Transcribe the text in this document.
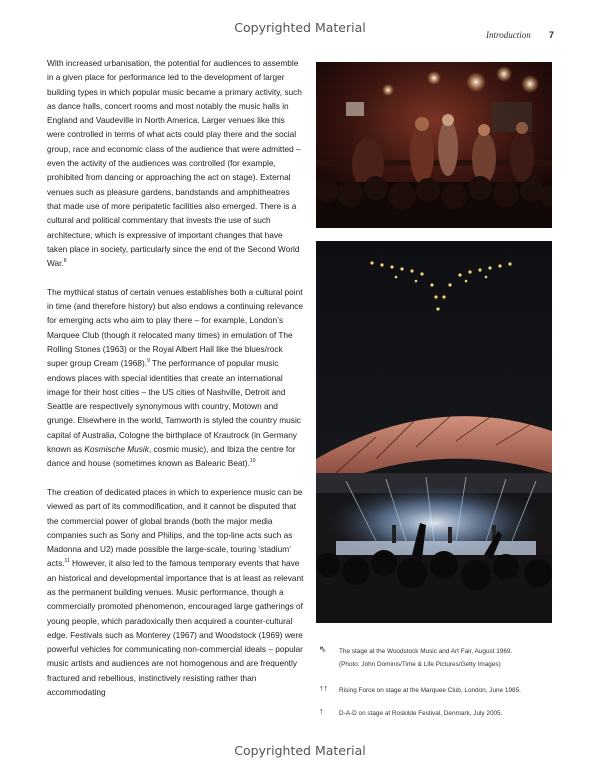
Copyrighted Material	Introduction 7

With increased urbanisation, the potential for audiences to assemble in a given place for performance led to the development of larger building types in which popular music became a primary activity, such as dance halls, concert rooms and most notably the music halls in England and Vaudeville in North America. Larger venues like this were controlled in terms of what acts could play there and the social group, race and economic class of the audience that were admitted – even the activity of the audiences was controlled (for example, prohibited from dancing or approaching the act on stage). External venues such as pleasure gardens, bandstands and amphitheatres that made use of more peripatetic facilities also emerged. There is a cultural and political commentary that invests the use of such architecture, which is expressive of important changes that have taken place in society, particularly since the end of the Second World War.$^8$

The mythical status of certain venues establishes both a cultural point in time (and therefore history) but also endows a continuing relevance for emerging acts who aim to play there – for example, London’s Marquee Club (though it relocated many times) in emulation of The Rolling Stones (1963) or the Royal Albert Hall like the blues/rock super group Cream (1968).$^9$ The performance of popular music endows places with special identities that create an international image for their host cities – the US cities of Nashville, Detroit and Seattle are respectively synonymous with country, Motown and grunge. Elsewhere in the world, Tamworth is styled the country music capital of Australia, Cologne the birthplace of Krautrock (in Germany known as Kosmische Musik, cosmic music), and Ibiza the centre for dance and house (sometimes known as Balearic Beat).$^{10}$

The creation of dedicated places in which to experience music can be viewed as part of its commodification, and it cannot be disputed that the commercial power of global brands (both the major media companies such as Sony and Philips, and the top-line acts such as Madonna and U2) made possible the large-scale, touring ‘stadium’ acts.$^{11}$ However, it also led to the famous temporary events that have an historical and developmental importance that is at least as relevant as the permanent building venues. Music performance, though a commercially promoted phenomenon, encouraged large gatherings of young people, which paradoxically then acquired a counter-cultural edge. Festivals such as Monterey (1967) and Woodstock (1969) were powerful vehicles for communicating non-commercial ideals – popular music artists and audiences are not homogenous and are frequently fractured and rebellious, instinctively resisting rather than accommodating

⇖ The stage at the Woodstock Music and Art Fair, August 1969.
(Photo: John Dominis/Time & Life Pictures/Getty Images)
↑↑ Rising Force on stage at the Marquee Club, London, June 1985.
↑ D-A-D on stage at Roskilde Festival, Denmark, July 2005.
Copyrighted Material
